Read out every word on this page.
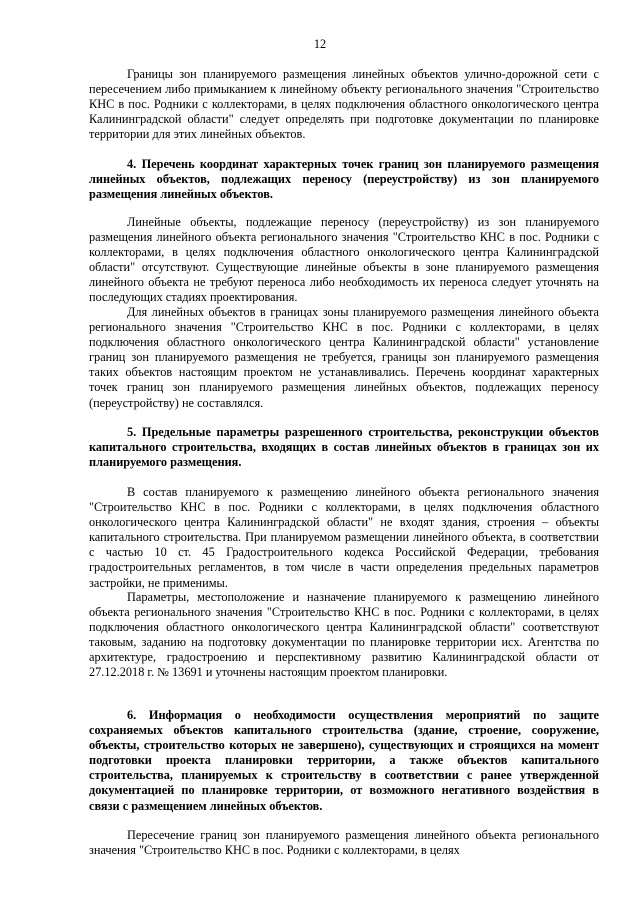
12

Границы зон планируемого размещения линейных объектов улично-дорожной сети с пересечением либо примыканием к линейному объекту регионального значения "Строительство КНС в пос. Родники с коллекторами, в целях подключения областного онкологического центра Калининградской области" следует определять при подготовке документации по планировке территории для этих линейных объектов.

4. Перечень координат характерных точек границ зон планируемого размещения линейных объектов, подлежащих переносу (переустройству) из зон планируемого размещения линейных объектов.

Линейные объекты, подлежащие переносу (переустройству) из зон планируемого размещения линейного объекта регионального значения "Строительство КНС в пос. Родники с коллекторами, в целях подключения областного онкологического центра Калининградской области" отсутствуют. Существующие линейные объекты в зоне планируемого размещения линейного объекта не требуют переноса либо необходимость их переноса следует уточнять на последующих стадиях проектирования.

Для линейных объектов в границах зоны планируемого размещения линейного объекта регионального значения "Строительство КНС в пос. Родники с коллекторами, в целях подключения областного онкологического центра Калининградской области" установление границ зон планируемого размещения не требуется, границы зон планируемого размещения таких объектов настоящим проектом не устанавливались. Перечень координат характерных точек границ зон планируемого размещения линейных объектов, подлежащих переносу (переустройству) не составлялся.

5. Предельные параметры разрешенного строительства, реконструкции объектов капитального строительства, входящих в состав линейных объектов в границах зон их планируемого размещения.

В состав планируемого к размещению линейного объекта регионального значения "Строительство КНС в пос. Родники с коллекторами, в целях подключения областного онкологического центра Калининградской области" не входят здания, строения – объекты капитального строительства. При планируемом размещении линейного объекта, в соответствии с частью 10 ст. 45 Градостроительного кодекса Российской Федерации, требования градостроительных регламентов, в том числе в части определения предельных параметров застройки, не применимы.

Параметры, местоположение и назначение планируемого к размещению линейного объекта регионального значения "Строительство КНС в пос. Родники с коллекторами, в целях подключения областного онкологического центра Калининградской области" соответствуют таковым, заданию на подготовку документации по планировке территории исх. Агентства по архитектуре, градостроению и перспективному развитию Калининградской области от 27.12.2018 г. № 13691 и уточнены настоящим проектом планировки.

6. Информация о необходимости осуществления мероприятий по защите сохраняемых объектов капитального строительства (здание, строение, сооружение, объекты, строительство которых не завершено), существующих и строящихся на момент подготовки проекта планировки территории, а также объектов капитального строительства, планируемых к строительству в соответствии с ранее утвержденной документацией по планировке территории, от возможного негативного воздействия в связи с размещением линейных объектов.

Пересечение границ зон планируемого размещения линейного объекта регионального значения "Строительство КНС в пос. Родники с коллекторами, в целях
